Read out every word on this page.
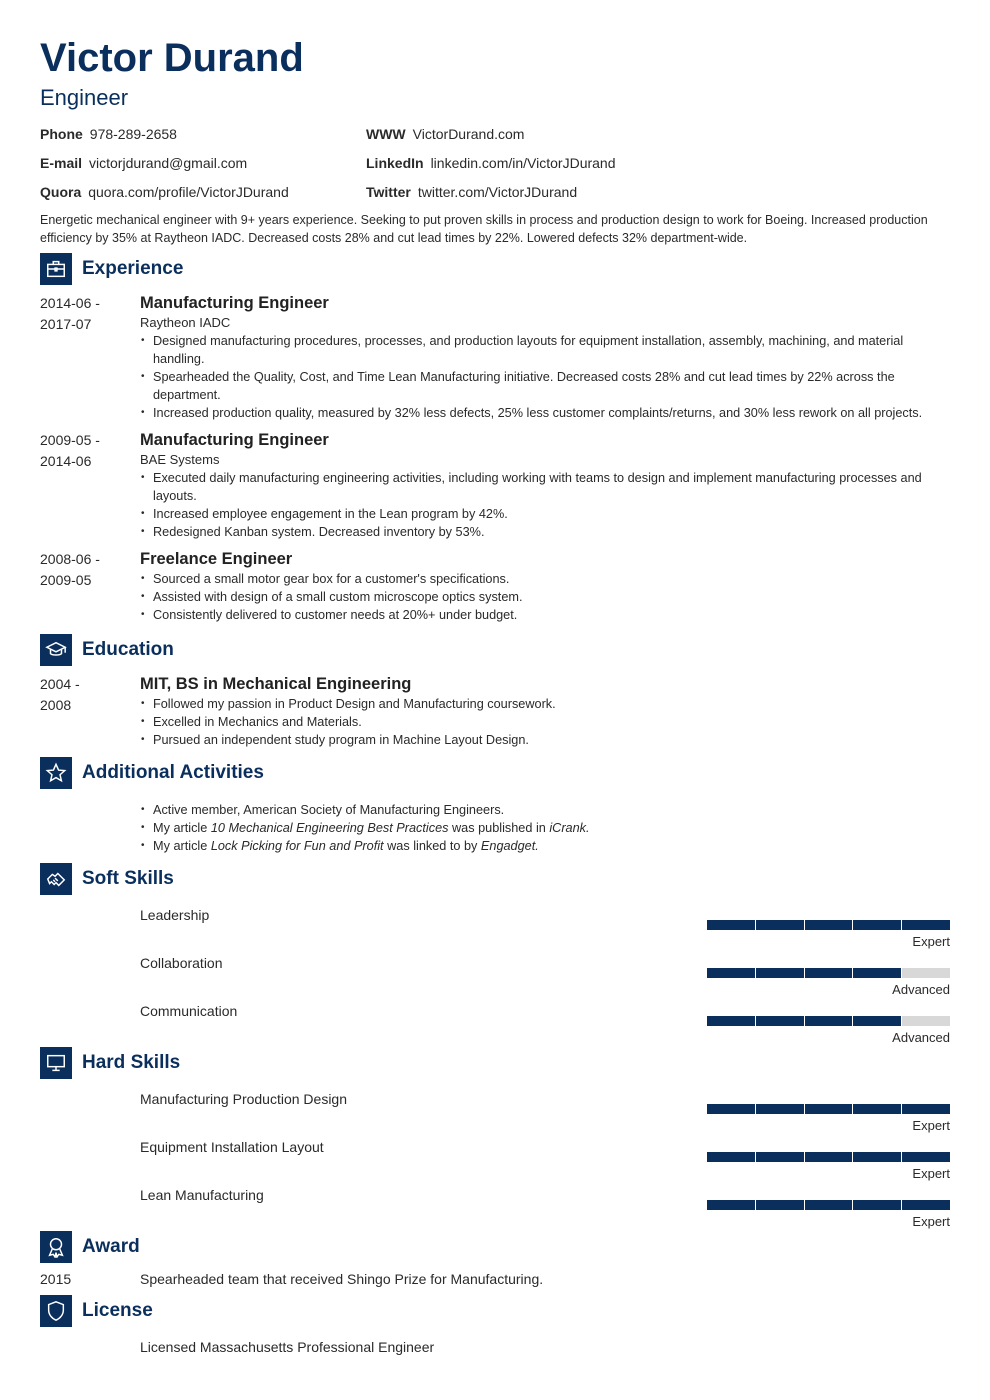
Victor Durand
Engineer
Phone 978-289-2658	WWW VictorDurand.com
E-mail victorjdurand@gmail.com	LinkedIn linkedin.com/in/VictorJDurand
Quora quora.com/profile/VictorJDurand	Twitter twitter.com/VictorJDurand
Energetic mechanical engineer with 9+ years experience. Seeking to put proven skills in process and production design to work for Boeing. Increased production efficiency by 35% at Raytheon IADC. Decreased costs 28% and cut lead times by 22%. Lowered defects 32% department-wide.
Experience
2014-06 -
2017-07
Manufacturing Engineer
Raytheon IADC
• Designed manufacturing procedures, processes, and production layouts for equipment installation, assembly, machining, and material handling.
• Spearheaded the Quality, Cost, and Time Lean Manufacturing initiative. Decreased costs 28% and cut lead times by 22% across the department.
• Increased production quality, measured by 32% less defects, 25% less customer complaints/returns, and 30% less rework on all projects.
2009-05 -
2014-06
Manufacturing Engineer
BAE Systems
• Executed daily manufacturing engineering activities, including working with teams to design and implement manufacturing processes and layouts.
• Increased employee engagement in the Lean program by 42%.
• Redesigned Kanban system. Decreased inventory by 53%.
2008-06 -
2009-05
Freelance Engineer
• Sourced a small motor gear box for a customer's specifications.
• Assisted with design of a small custom microscope optics system.
• Consistently delivered to customer needs at 20%+ under budget.
Education
2004 -
2008
MIT, BS in Mechanical Engineering
• Followed my passion in Product Design and Manufacturing coursework.
• Excelled in Mechanics and Materials.
• Pursued an independent study program in Machine Layout Design.
Additional Activities
• Active member, American Society of Manufacturing Engineers.
• My article 10 Mechanical Engineering Best Practices was published in iCrank.
• My article Lock Picking for Fun and Profit was linked to by Engadget.
Soft Skills
Leadership
Expert
Collaboration
Advanced
Communication
Advanced
Hard Skills
Manufacturing Production Design
Expert
Equipment Installation Layout
Expert
Lean Manufacturing
Expert
Award
2015	Spearheaded team that received Shingo Prize for Manufacturing.
License
Licensed Massachusetts Professional Engineer
